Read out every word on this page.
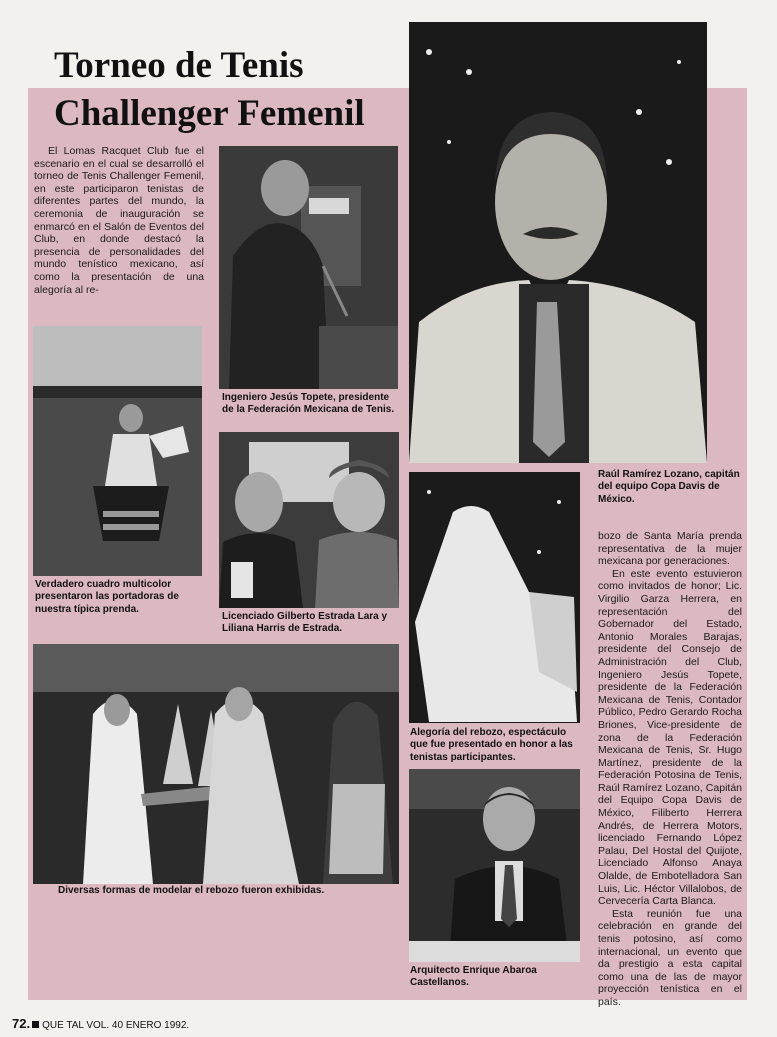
Torneo de Tenis
Challenger Femenil

El Lomas Racquet Club fue el escenario en el cual se desarrolló el torneo de Tenis Challenger Femenil, en este participaron tenistas de diferentes partes del mundo, la ceremonia de inauguración se enmarcó en el Salón de Eventos del Club, en donde destacó la presencia de personalidades del mundo tenístico mexicano, así como la presentación de una alegoría al re-

Ingeniero Jesús Topete, presidente de la Federación Mexicana de Tenis.

Raúl Ramírez Lozano, capitán del equipo Copa Davis de México.

Verdadero cuadro multicolor presentaron las portadoras de nuestra típica prenda.

Licenciado Gilberto Estrada Lara y Liliana Harris de Estrada.

Alegoría del rebozo, espectáculo que fue presentado en honor a las tenistas participantes.

Diversas formas de modelar el rebozo fueron exhibidas.

Arquitecto Enrique Abaroa Castellanos.

bozo de Santa María prenda representativa de la mujer mexicana por generaciones.

En este evento estuvieron como invitados de honor; Lic. Virgilio Garza Herrera, en representación del Gobernador del Estado, Antonio Morales Barajas, presidente del Consejo de Administración del Club, Ingeniero Jesús Topete, presidente de la Federación Mexicana de Tenis, Contador Público, Pedro Gerardo Rocha Briones, Vice-presidente de zona de la Federación Mexicana de Tenis, Sr. Hugo Martínez, presidente de la Federación Potosina de Tenis, Raúl Ramírez Lozano, Capitán del Equipo Copa Davis de México, Filiberto Herrera Andrés, de Herrera Motors, licenciado Fernando López Palau, Del Hostal del Quijote, Licenciado Alfonso Anaya Olalde, de Embotelladora San Luis, Lic. Héctor Villalobos, de Cervecería Carta Blanca.

Esta reunión fue una celebración en grande del tenis potosino, así como internacional, un evento que da prestigio a esta capital como una de las de mayor proyección tenística en el país.

72. QUE TAL VOL. 40 ENERO 1992.
